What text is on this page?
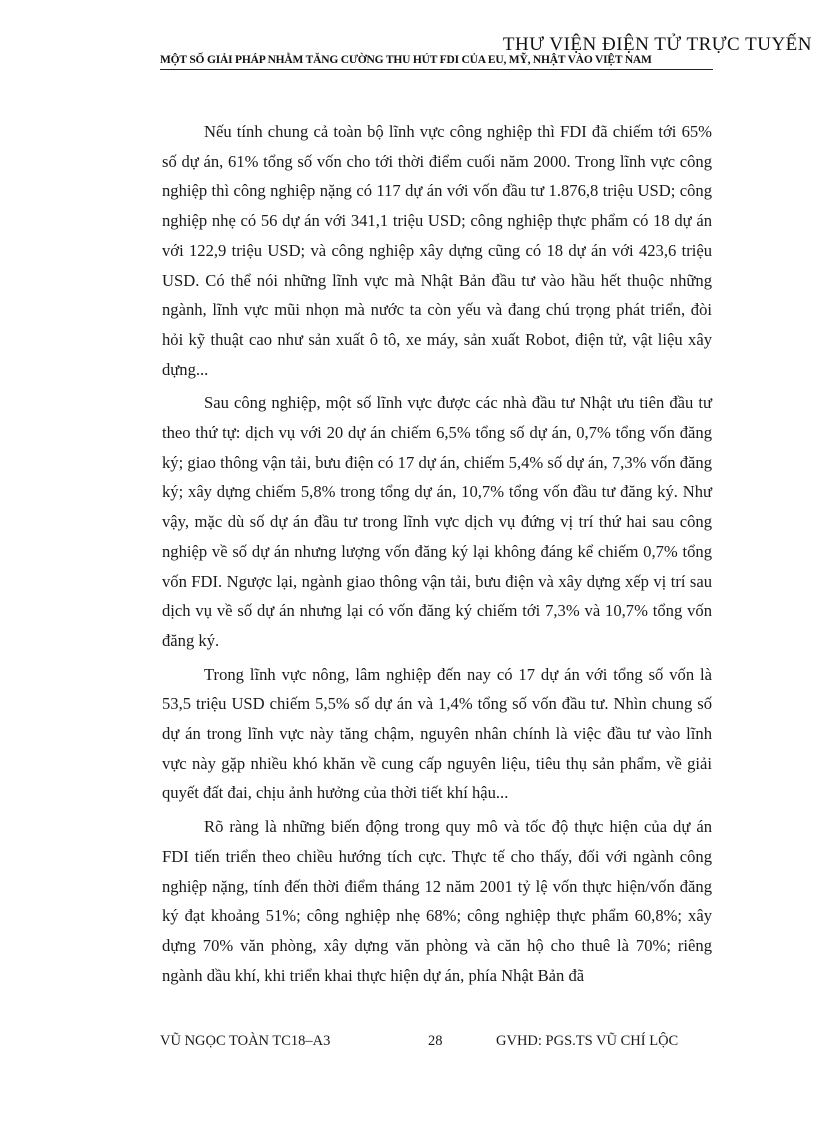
THƯ VIỆN ĐIỆN TỬ TRỰC TUYẾN
MỘT SỐ GIẢI PHÁP NHẰM TĂNG CƯỜNG THU HÚT FDI CỦA EU, MỸ, NHẬT VÀO VIỆT NAM

Nếu tính chung cả toàn bộ lĩnh vực công nghiệp thì FDI đã chiếm tới 65% số dự án, 61% tổng số vốn cho tới thời điểm cuối năm 2000. Trong lĩnh vực công nghiệp thì công nghiệp nặng có 117 dự án với vốn đầu tư 1.876,8 triệu USD; công nghiệp nhẹ có 56 dự án với 341,1 triệu USD; công nghiệp thực phẩm có 18 dự án với 122,9 triệu USD; và công nghiệp xây dựng cũng có 18 dự án với 423,6 triệu USD. Có thể nói những lĩnh vực mà Nhật Bản đầu tư vào hầu hết thuộc những ngành, lĩnh vực mũi nhọn mà nước ta còn yếu và đang chú trọng phát triển, đòi hỏi kỹ thuật cao như sản xuất ô tô, xe máy, sản xuất Robot, điện tử, vật liệu xây dựng...

Sau công nghiệp, một số lĩnh vực được các nhà đầu tư Nhật ưu tiên đầu tư theo thứ tự: dịch vụ với 20 dự án chiếm 6,5% tổng số dự án, 0,7% tổng vốn đăng ký; giao thông vận tải, bưu điện có 17 dự án, chiếm 5,4% số dự án, 7,3% vốn đăng ký; xây dựng chiếm 5,8% trong tổng dự án, 10,7% tổng vốn đầu tư đăng ký. Như vậy, mặc dù số dự án đầu tư trong lĩnh vực dịch vụ đứng vị trí thứ hai sau công nghiệp về số dự án nhưng lượng vốn đăng ký lại không đáng kể chiếm 0,7% tổng vốn FDI. Ngược lại, ngành giao thông vận tải, bưu điện và xây dựng xếp vị trí sau dịch vụ về số dự án nhưng lại có vốn đăng ký chiếm tới 7,3% và 10,7% tổng vốn đăng ký.

Trong lĩnh vực nông, lâm nghiệp đến nay có 17 dự án với tổng số vốn là 53,5 triệu USD chiếm 5,5% số dự án và 1,4% tổng số vốn đầu tư. Nhìn chung số dự án trong lĩnh vực này tăng chậm, nguyên nhân chính là việc đầu tư vào lĩnh vực này gặp nhiều khó khăn về cung cấp nguyên liệu, tiêu thụ sản phẩm, về giải quyết đất đai, chịu ảnh hưởng của thời tiết khí hậu...

Rõ ràng là những biến động trong quy mô và tốc độ thực hiện của dự án FDI tiến triển theo chiều hướng tích cực. Thực tế cho thấy, đối với ngành công nghiệp nặng, tính đến thời điểm tháng 12 năm 2001 tỷ lệ vốn thực hiện/vốn đăng ký đạt khoảng 51%; công nghiệp nhẹ 68%; công nghiệp thực phẩm 60,8%; xây dựng 70% văn phòng, xây dựng văn phòng và căn hộ cho thuê là 70%; riêng ngành dầu khí, khi triển khai thực hiện dự án, phía Nhật Bản đã

VŨ NGỌC TOÀN TC18–A3	28	GVHD: PGS.TS VŨ CHÍ LỘC
